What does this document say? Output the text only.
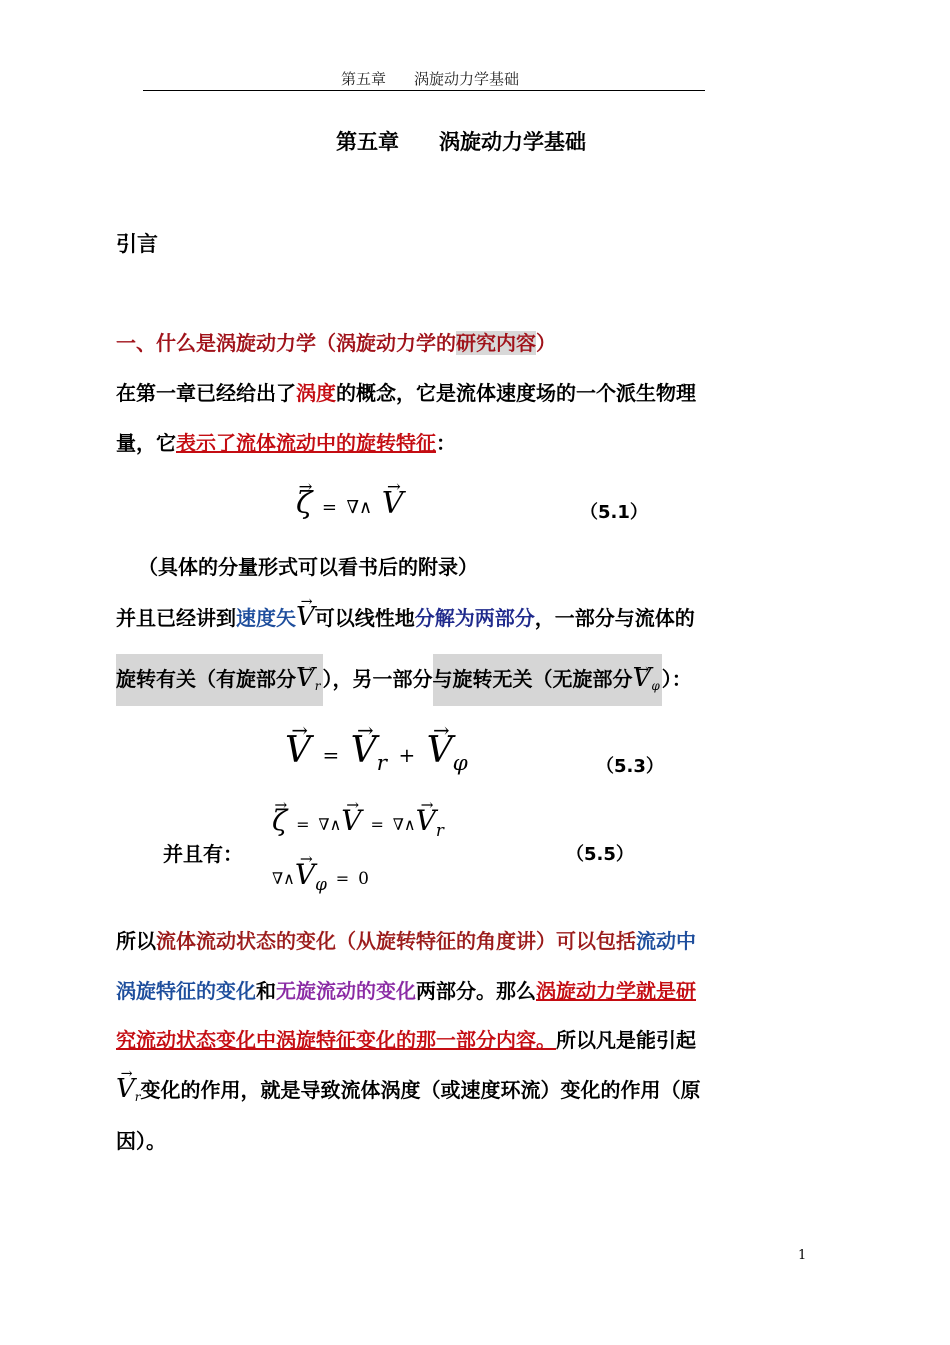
第五章 涡旋动力学基础
第五章 涡旋动力学基础
引言
一、什么是涡旋动力学（涡旋动力学的研究内容）
在第一章已经给出了涡度的概念，它是流体速度场的一个派生物理
量，它表示了流体流动中的旋转特征：
→ ζ = ∇∧ → V	（5.1）
（具体的分量形式可以看书后的附录）
并且已经讲到速度矢→ V可以线性地分解为两部分，一部分与流体的
旋转有关（有旋部分→ $V_r$ ），另一部分与旋转无关（无旋部分→ $V_\varphi$ ）：
→ V = → $V_r$ + → $V_\varphi$	（5.3）
并且有：
→ ζ = ∇∧→ V = ∇∧→ $V_r$
∇∧→ $V_\varphi = 0$
（5.5）
所以流体流动状态的变化（从旋转特征的角度讲）可以包括流动中
涡旋特征的变化和无旋流动的变化两部分。那么涡旋动力学就是研
究流动状态变化中涡旋特征变化的那一部分内容。所以凡是能引起
→ $V_r$变化的作用，就是导致流体涡度（或速度环流）变化的作用（原
因）。
1
